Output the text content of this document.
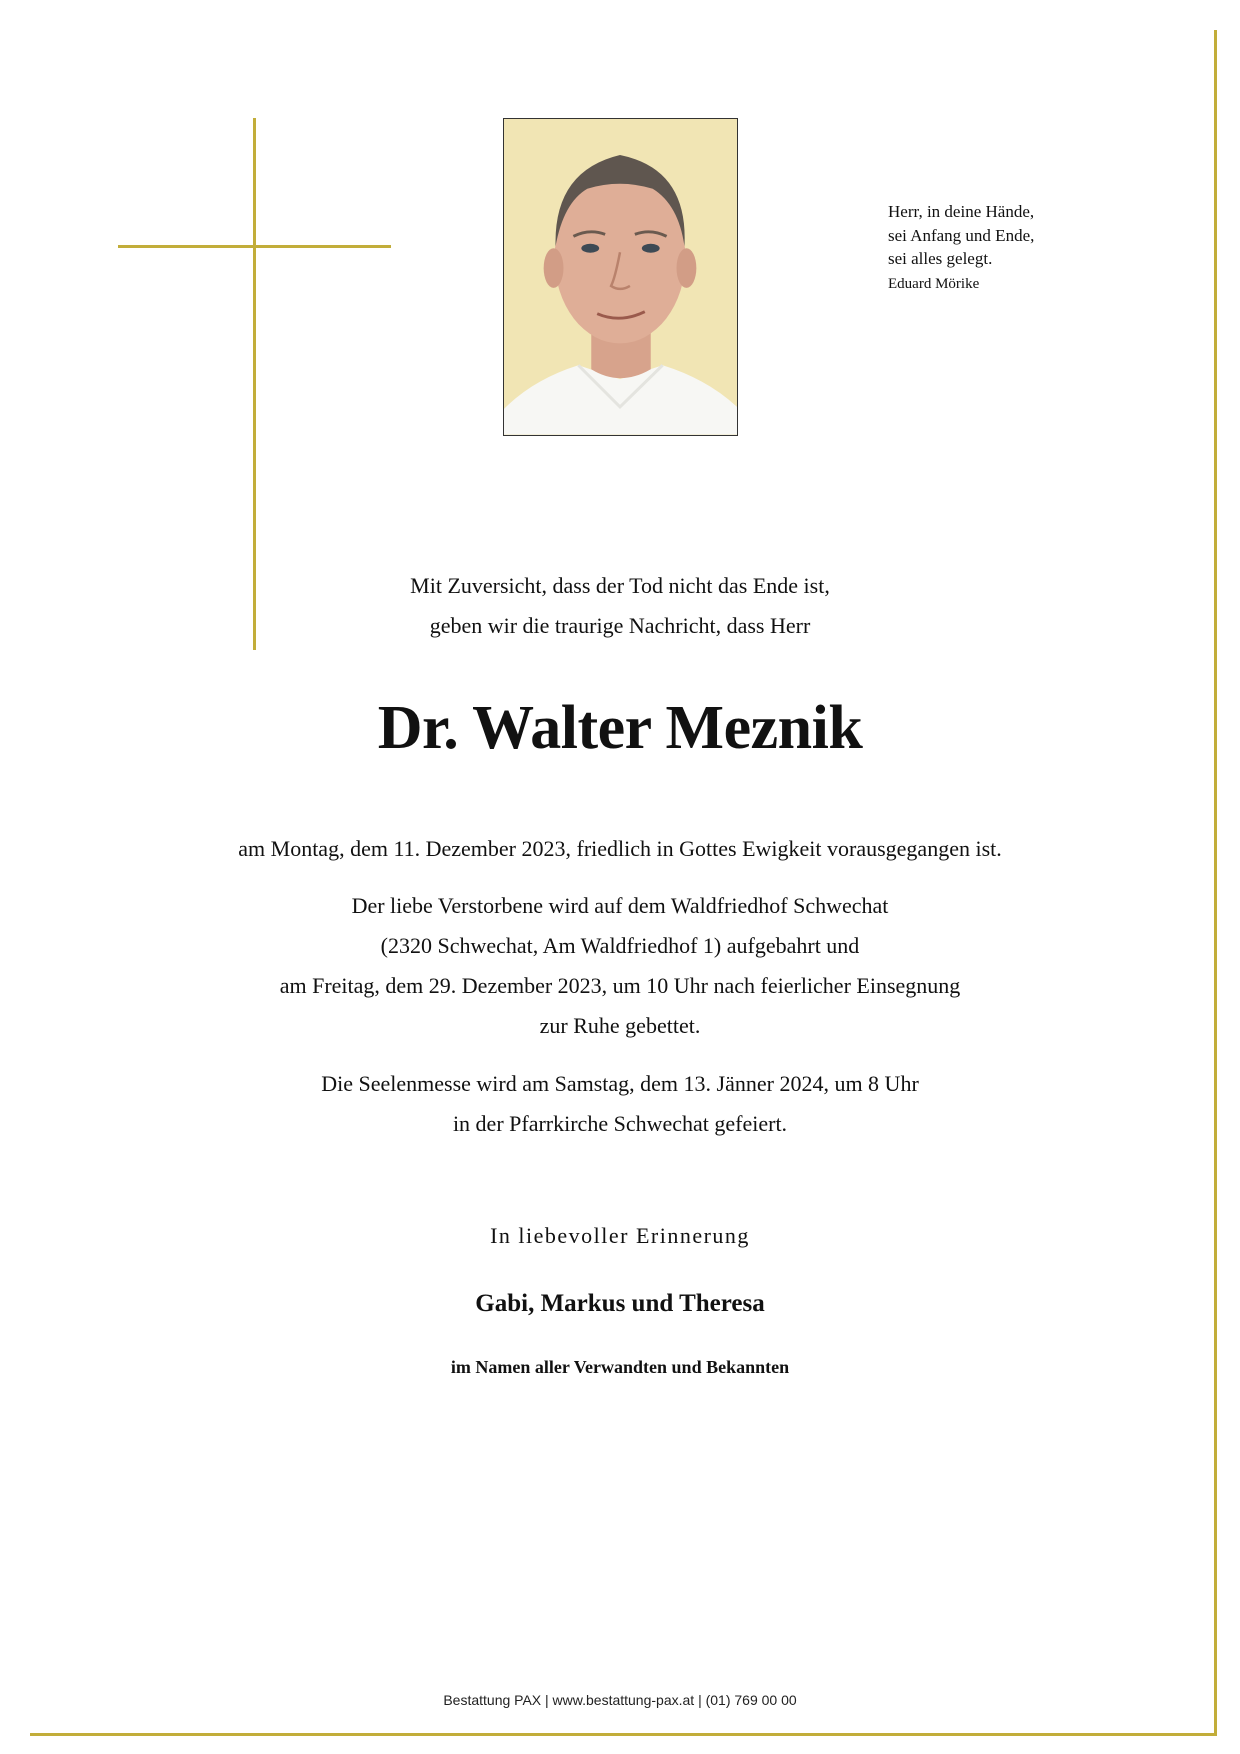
Herr, in deine Hände,
sei Anfang und Ende,
sei alles gelegt.
Eduard Mörike
Mit Zuversicht, dass der Tod nicht das Ende ist,
geben wir die traurige Nachricht, dass Herr
Dr. Walter Meznik
am Montag, dem 11. Dezember 2023, friedlich in Gottes Ewigkeit vorausgegangen ist.
Der liebe Verstorbene wird auf dem Waldfriedhof Schwechat
(2320 Schwechat, Am Waldfriedhof 1) aufgebahrt und
am Freitag, dem 29. Dezember 2023, um 10 Uhr nach feierlicher Einsegnung
zur Ruhe gebettet.
Die Seelenmesse wird am Samstag, dem 13. Jänner 2024, um 8 Uhr
in der Pfarrkirche Schwechat gefeiert.
In liebevoller Erinnerung
Gabi, Markus und Theresa
im Namen aller Verwandten und Bekannten
Bestattung PAX | www.bestattung-pax.at | (01) 769 00 00
